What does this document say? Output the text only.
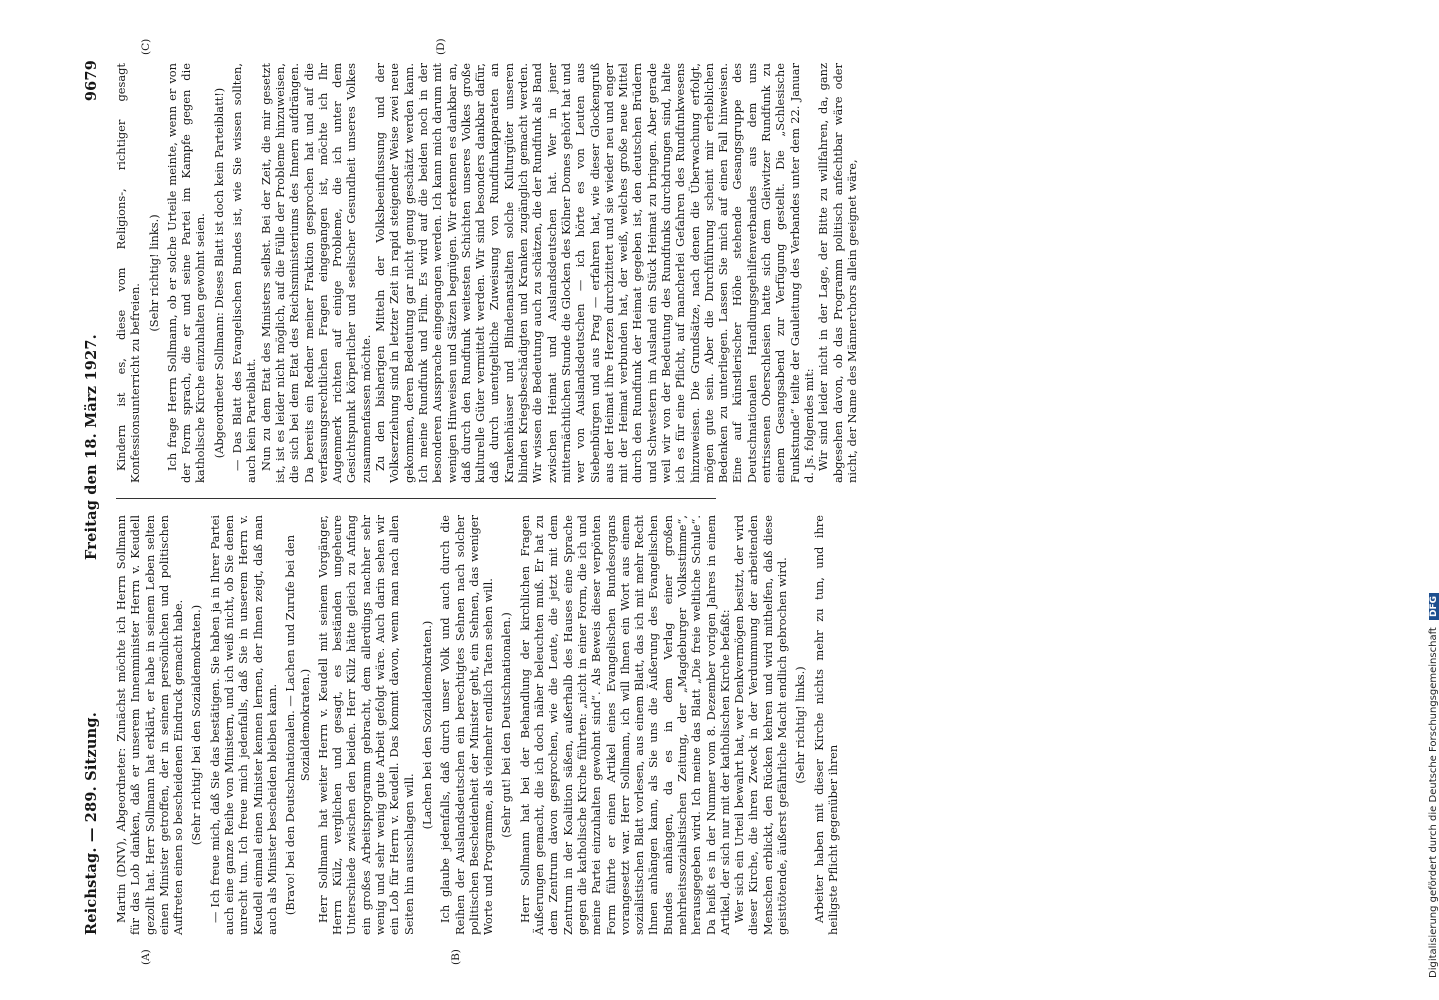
Reichstag. — 289. Sitzung.
Freitag den 18. März 1927.
9679
(A)	(B)
(C)	(D)

Martin (DNV), Abgeordneter: Zunächst möchte ich Herrn Sollmann für das Lob danken, daß er unserem Innenminister Herrn v. Keudell gezollt hat. Herr Sollmann hat erklärt, er habe in seinem Leben selten einen Minister getroffen, der in seinem persönlichen und politischen Auftreten einen so bescheidenen Eindruck gemacht habe. (Sehr richtig! bei den Sozialdemokraten.) — Ich freue mich, daß Sie das bestätigen. Sie haben ja in Ihrer Partei auch eine ganze Reihe von Ministern, und ich weiß nicht, ob Sie denen unrecht tun. Ich freue mich jedenfalls, daß Sie in unserem Herrn v. Keudell einmal einen Minister kennen lernen, der Ihnen zeigt, daß man auch als Minister bescheiden bleiben kann. (Bravo! bei den Deutschnationalen. — Lachen und Zurufe bei den Sozialdemokraten.) Herr Sollmann hat weiter Herrn v. Keudell mit seinem Vorgänger, Herrn Külz, verglichen und gesagt, es beständen ungeheure Unterschiede zwischen den beiden. Herr Külz hätte gleich zu Anfang ein großes Arbeitsprogramm gebracht, dem allerdings nachher sehr wenig und sehr wenig gute Arbeit gefolgt wäre. Auch darin sehen wir ein Lob für Herrn v. Keudell. Das kommt davon, wenn man nach allen Seiten hin ausschlagen will.

(Lachen bei den Sozialdemokraten.) Ich glaube jedenfalls, daß durch unser Volk und auch durch die Reihen der Auslandsdeutschen ein berechtigtes Sehnen nach solcher politischen Bescheidenheit der Minister geht, ein Sehnen, das weniger Worte und Programme, als vielmehr endlich Taten sehen will. (Sehr gut! bei den Deutschnationalen.) Herr Sollmann hat bei der Behandlung der kirchlichen Fragen Äußerungen gemacht, die ich doch näher beleuchten muß. Er hat zu dem Zentrum davon gesprochen, wie die Leute, die jetzt mit dem Zentrum in der Koalition säßen, außerhalb des Hauses eine Sprache gegen die katholische Kirche führten: „nicht in einer Form, die ich und meine Partei einzuhalten gewohnt sind“. Als Beweis dieser verpönten Form führte er einen Artikel eines Evangelischen Bundesorgans vorangesetzt war. Herr Sollmann, ich will Ihnen ein Wort aus einem sozialistischen Blatt vorlesen, aus einem Blatt, das ich mit mehr Recht Ihnen anhängen kann, als Sie uns die Äußerung des Evangelischen Bundes anhängen, da es in dem Verlag einer großen mehrheitssozialistischen Zeitung, der „Magdeburger Volksstimme“, herausgegeben wird. Ich meine das Blatt „Die freie weltliche Schule“. Da heißt es in der Nummer vom 8. Dezember vorigen Jahres in einem Artikel, der sich nur mit der katholischen Kirche befaßt: Wer sich ein Urteil bewahrt hat, wer Denkvermögen besitzt, der wird dieser Kirche, die ihren Zweck in der Verdummung der arbeitenden Menschen erblickt, den Rücken kehren und wird mithelfen, daß diese geisttötende, äußerst gefährliche Macht endlich gebrochen wird. (Sehr richtig! links.) Arbeiter haben mit dieser Kirche nichts mehr zu tun, und ihre heiligste Pflicht gegenüber ihren

Kindern ist es, diese vom Religions-, richtiger gesagt Konfessionsunterricht zu befreien.

(Sehr richtig! links.) Ich frage Herrn Sollmann, ob er solche Urteile meinte, wenn er von der Form sprach, die er und seine Partei im Kampfe gegen die katholische Kirche einzuhalten gewohnt seien. (Abgeordneter Sollmann: Dieses Blatt ist doch kein Parteiblatt!) — Das Blatt des Evangelischen Bundes ist, wie Sie wissen sollten, auch kein Parteiblatt. Nun zu dem Etat des Ministers selbst. Bei der Zeit, die mir gesetzt ist, ist es leider nicht möglich, auf die Fülle der Probleme hinzuweisen, die sich bei dem Etat des Reichsministeriums des Innern aufdrängen. Da bereits ein Redner meiner Fraktion gesprochen hat und auf die verfassungsrechtlichen Fragen eingegangen ist, möchte ich Ihr Augenmerk richten auf einige Probleme, die ich unter dem Gesichtspunkt körperlicher und seelischer Gesundheit unseres Volkes zusammenfassen möchte. Zu den bisherigen Mitteln der Volksbeeinflussung und der Volkserziehung sind in letzter Zeit in rapid steigender Weise zwei neue gekommen, deren Bedeutung gar nicht genug geschätzt werden kann. Ich meine Rundfunk und Film. Es wird auf die beiden noch in der besonderen Aussprache eingegangen werden. Ich kann mich darum mit wenigen Hinweisen und Sätzen begnügen. Wir erkennen es dankbar an, daß durch den Rundfunk weitesten Schichten unseres Volkes große kulturelle Güter vermittelt werden. Wir sind besonders dankbar dafür, daß durch unentgeltliche Zuweisung von Rundfunkapparaten an Krankenhäuser und Blindenanstalten solche Kulturgüter unseren blinden Kriegsbeschädigten und Kranken zugänglich gemacht werden. Wir wissen die Bedeutung auch zu schätzen, die der Rundfunk als Band zwischen Heimat und Auslandsdeutschen hat. Wer in jener mitternächtlichen Stunde die Glocken des Kölner Domes gehört hat und wer von Auslandsdeutschen — ich hörte es von Leuten aus Siebenbürgen und aus Prag — erfahren hat, wie dieser Glockengruß aus der Heimat ihre Herzen durchzittert und sie wieder neu und enger mit der Heimat verbunden hat, der weiß, welches große neue Mittel durch den Rundfunk der Heimat gegeben ist, den deutschen Brüdern und Schwestern im Ausland ein Stück Heimat zu bringen. Aber gerade weil wir von der Bedeutung des Rundfunks durchdrungen sind, halte ich es für eine Pflicht, auf mancherlei Gefahren des Rundfunkwesens hinzuweisen. Die Grundsätze, nach denen die Überwachung erfolgt, mögen gute sein. Aber die Durchführung scheint mir erheblichen Bedenken zu unterliegen. Lassen Sie mich auf einen Fall hinweisen. Eine auf künstlerischer Höhe stehende Gesangsgruppe des Deutschnationalen Handlungsgehilfenverbandes aus dem uns entrissenen Oberschlesien hatte sich dem Gleiwitzer Rundfunk zu einem Gesangsabend zur Verfügung gestellt. Die „Schlesische Funkstunde“ teilte der Gauleitung des Verbandes unter dem 22. Januar d. Js. folgendes mit: Wir sind leider nicht in der Lage, der Bitte zu willfahren, da, ganz abgesehen davon, ob das Programm politisch anfechtbar wäre oder nicht, der Name des Männerchors allein geeignet wäre,

Digitalisierung gefördert durch die Deutsche Forschungsgemeinschaft DFG
